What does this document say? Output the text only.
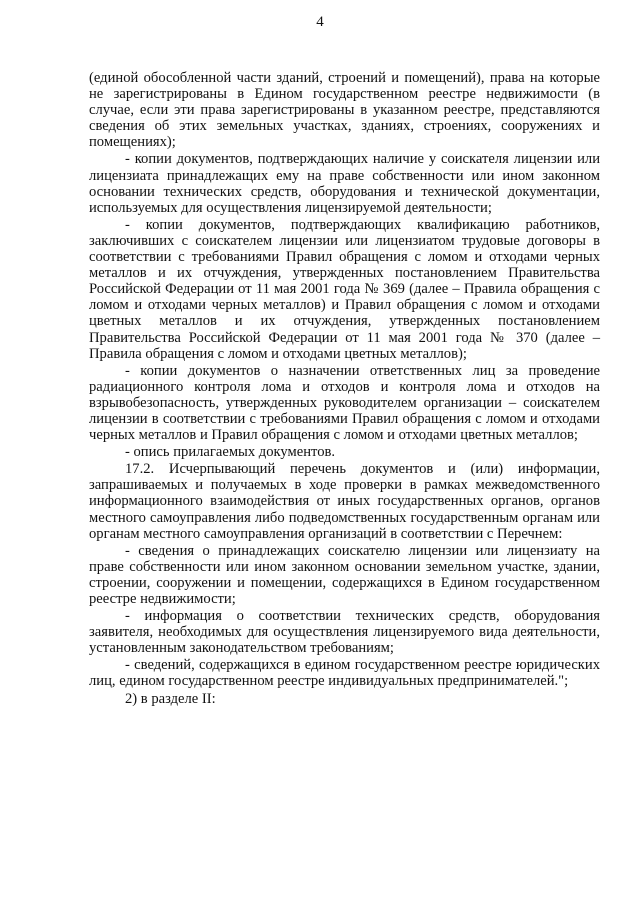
4

(единой обособленной части зданий, строений и помещений), права на которые не зарегистрированы в Едином государственном реестре недвижимости (в случае, если эти права зарегистрированы в указанном реестре, представляются сведения об этих земельных участках, зданиях, строениях, сооружениях и помещениях);

- копии документов, подтверждающих наличие у соискателя лицензии или лицензиата принадлежащих ему на праве собственности или ином законном основании технических средств, оборудования и технической документации, используемых для осуществления лицензируемой деятельности;

- копии документов, подтверждающих квалификацию работников, заключивших с соискателем лицензии или лицензиатом трудовые договоры в соответствии с требованиями Правил обращения с ломом и отходами черных металлов и их отчуждения, утвержденных постановлением Правительства Российской Федерации от 11 мая 2001 года № 369 (далее – Правила обращения с ломом и отходами черных металлов) и Правил обращения с ломом и отходами цветных металлов и их отчуждения, утвержденных постановлением Правительства Российской Федерации от 11 мая 2001 года № 370 (далее – Правила обращения с ломом и отходами цветных металлов);

- копии документов о назначении ответственных лиц за проведение радиационного контроля лома и отходов и контроля лома и отходов на взрывобезопасность, утвержденных руководителем организации – соискателем лицензии в соответствии с требованиями Правил обращения с ломом и отходами черных металлов и Правил обращения с ломом и отходами цветных металлов;

- опись прилагаемых документов.

17.2. Исчерпывающий перечень документов и (или) информации, запрашиваемых и получаемых в ходе проверки в рамках межведомственного информационного взаимодействия от иных государственных органов, органов местного самоуправления либо подведомственных государственным органам или органам местного самоуправления организаций в соответствии с Перечнем:

- сведения о принадлежащих соискателю лицензии или лицензиату на праве собственности или ином законном основании земельном участке, здании, строении, сооружении и помещении, содержащихся в Едином государственном реестре недвижимости;

- информация о соответствии технических средств, оборудования заявителя, необходимых для осуществления лицензируемого вида деятельности, установленным законодательством требованиям;

- сведений, содержащихся в едином государственном реестре юридических лиц, едином государственном реестре индивидуальных предпринимателей.";

2) в разделе II:
